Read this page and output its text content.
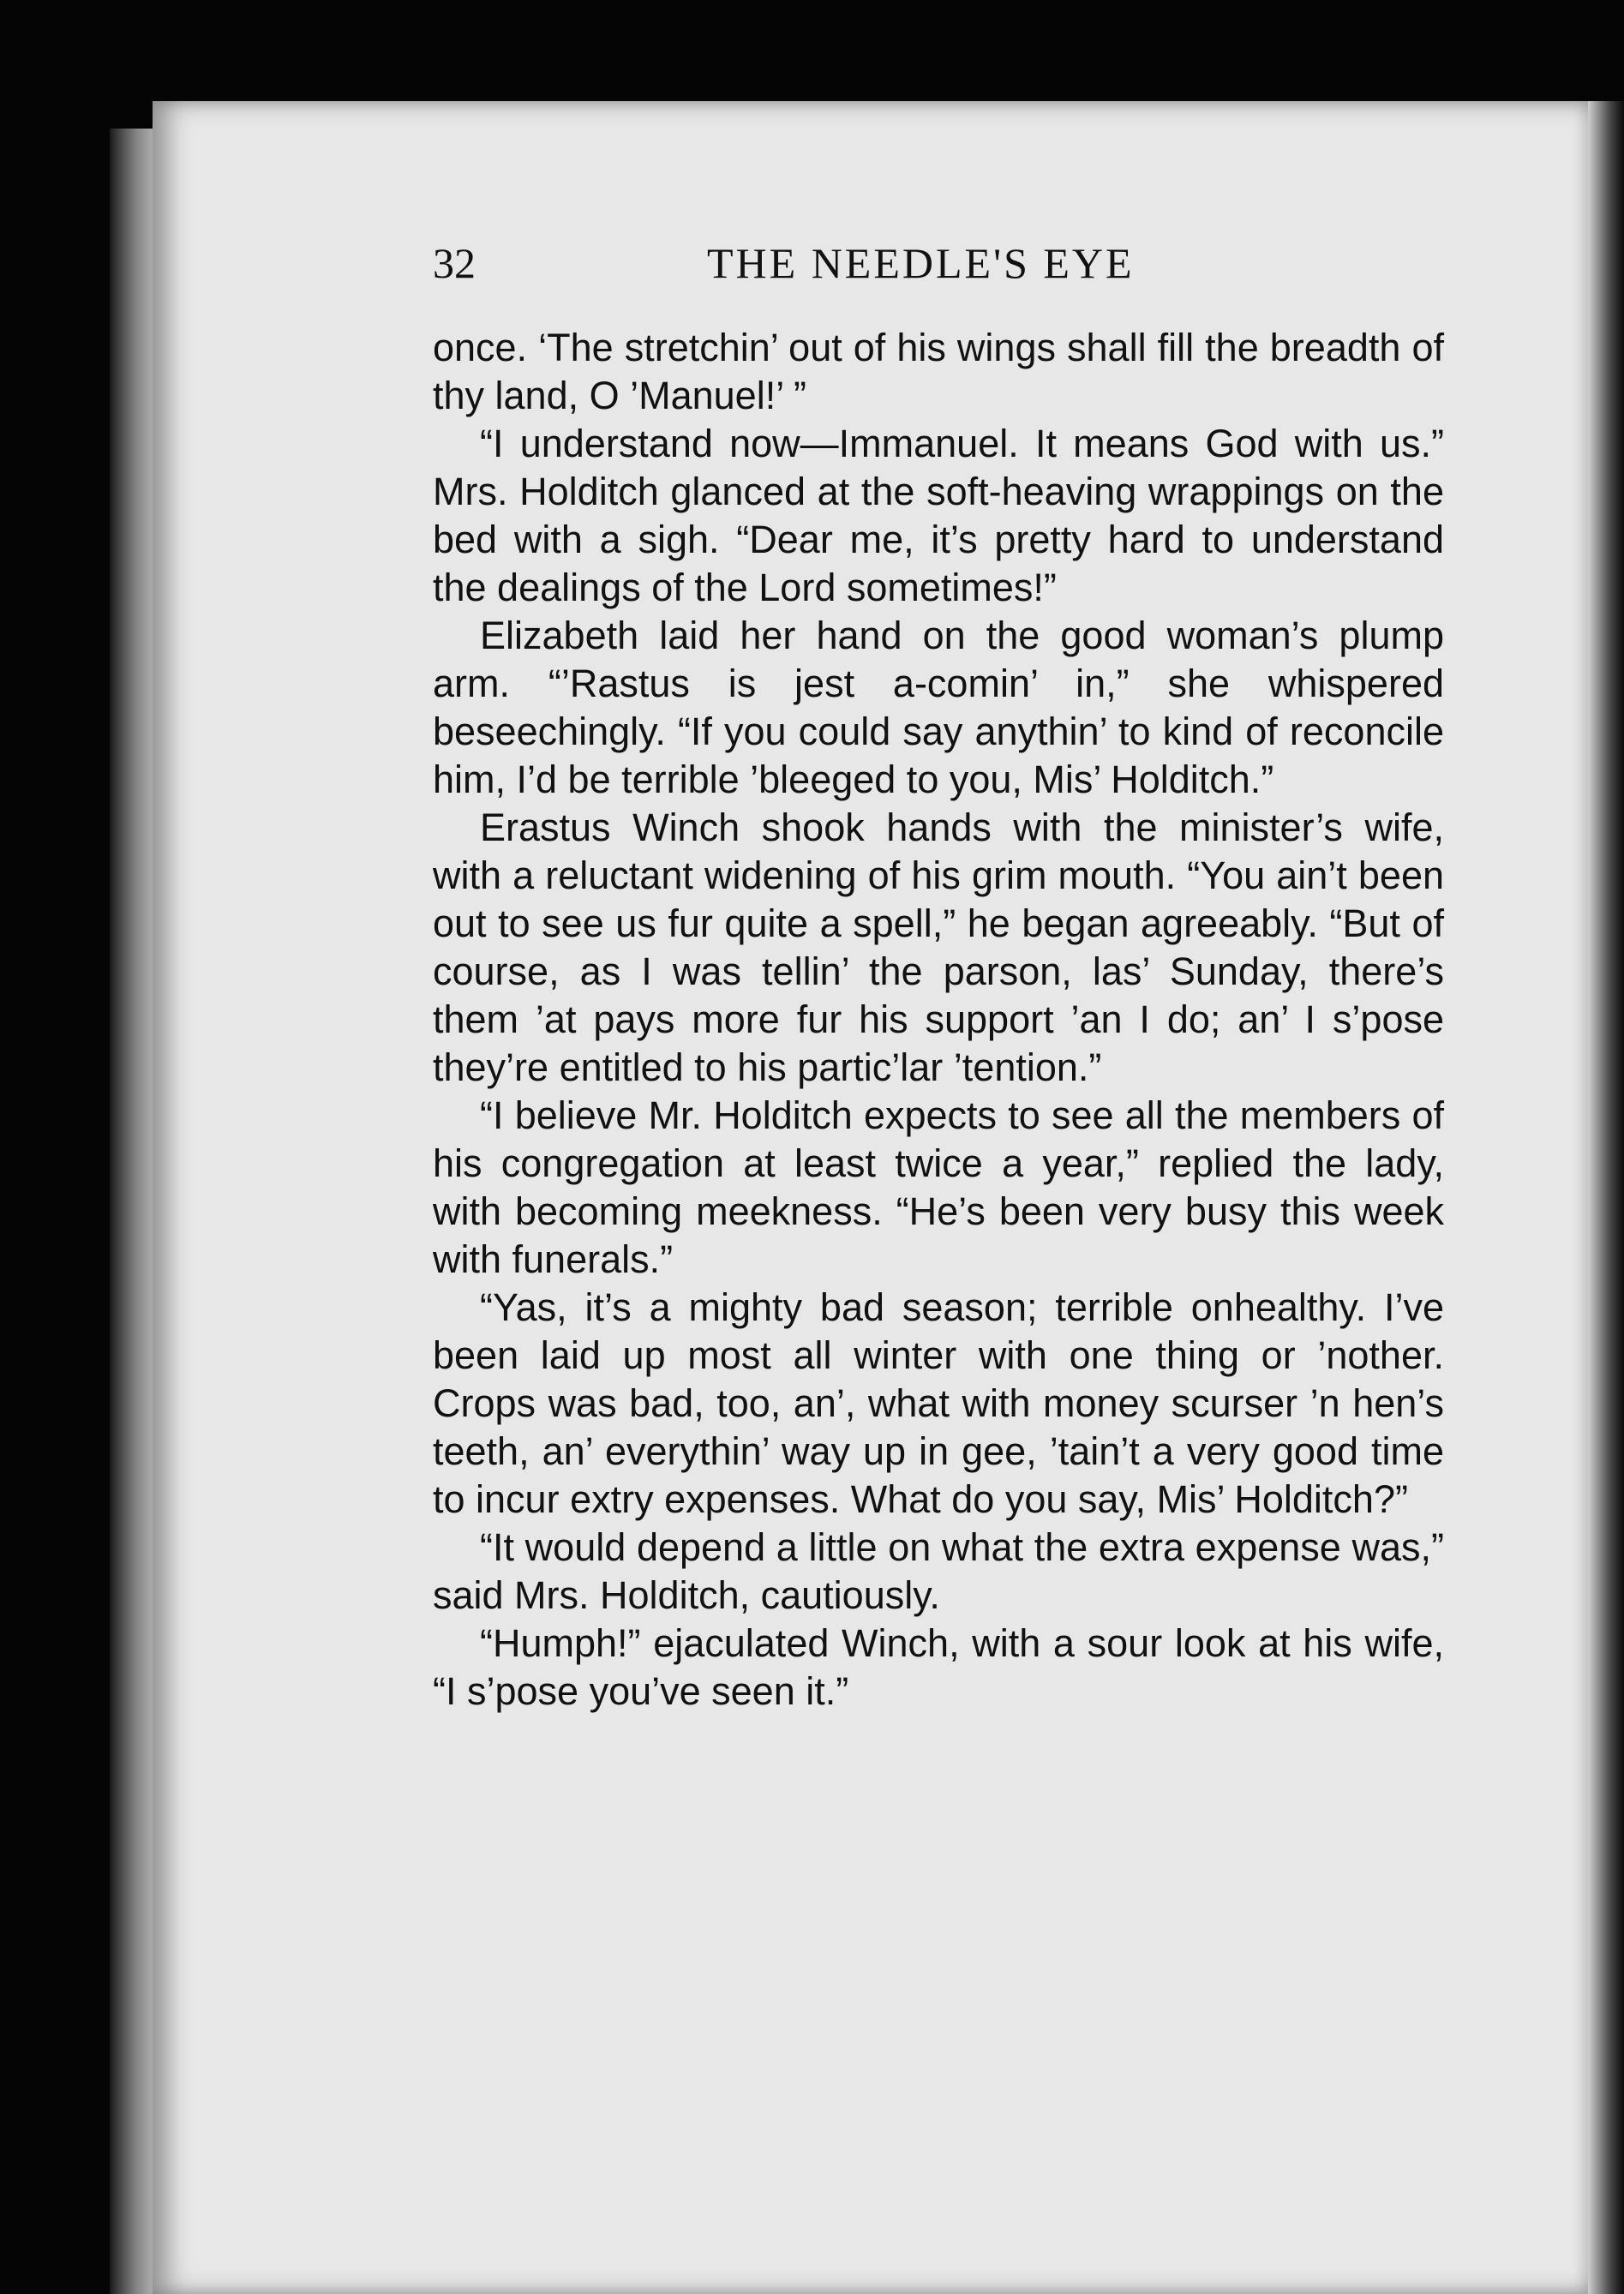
32	THE NEEDLE'S EYE

once. ‘The stretchin’ out of his wings shall fill the breadth of thy land, O ’Manuel!’ ”

“I understand now—Immanuel. It means God with us.” Mrs. Holditch glanced at the soft-heaving wrappings on the bed with a sigh. “Dear me, it’s pretty hard to understand the dealings of the Lord sometimes!”

Elizabeth laid her hand on the good woman’s plump arm. “’Rastus is jest a-comin’ in,” she whispered beseechingly. “If you could say anythin’ to kind of reconcile him, I’d be terrible ’bleeged to you, Mis’ Holditch.”

Erastus Winch shook hands with the minister’s wife, with a reluctant widening of his grim mouth. “You ain’t been out to see us fur quite a spell,” he began agreeably. “But of course, as I was tellin’ the parson, las’ Sunday, there’s them ’at pays more fur his support ’an I do; an’ I s’pose they’re entitled to his partic’lar ’tention.”

“I believe Mr. Holditch expects to see all the members of his congregation at least twice a year,” replied the lady, with becoming meekness. “He’s been very busy this week with funerals.”

“Yas, it’s a mighty bad season; terrible onhealthy. I’ve been laid up most all winter with one thing or ’nother. Crops was bad, too, an’, what with money scurser ’n hen’s teeth, an’ everythin’ way up in gee, ’tain’t a very good time to incur extry expenses. What do you say, Mis’ Holditch?”

“It would depend a little on what the extra expense was,” said Mrs. Holditch, cautiously.

“Humph!” ejaculated Winch, with a sour look at his wife, “I s’pose you’ve seen it.”
